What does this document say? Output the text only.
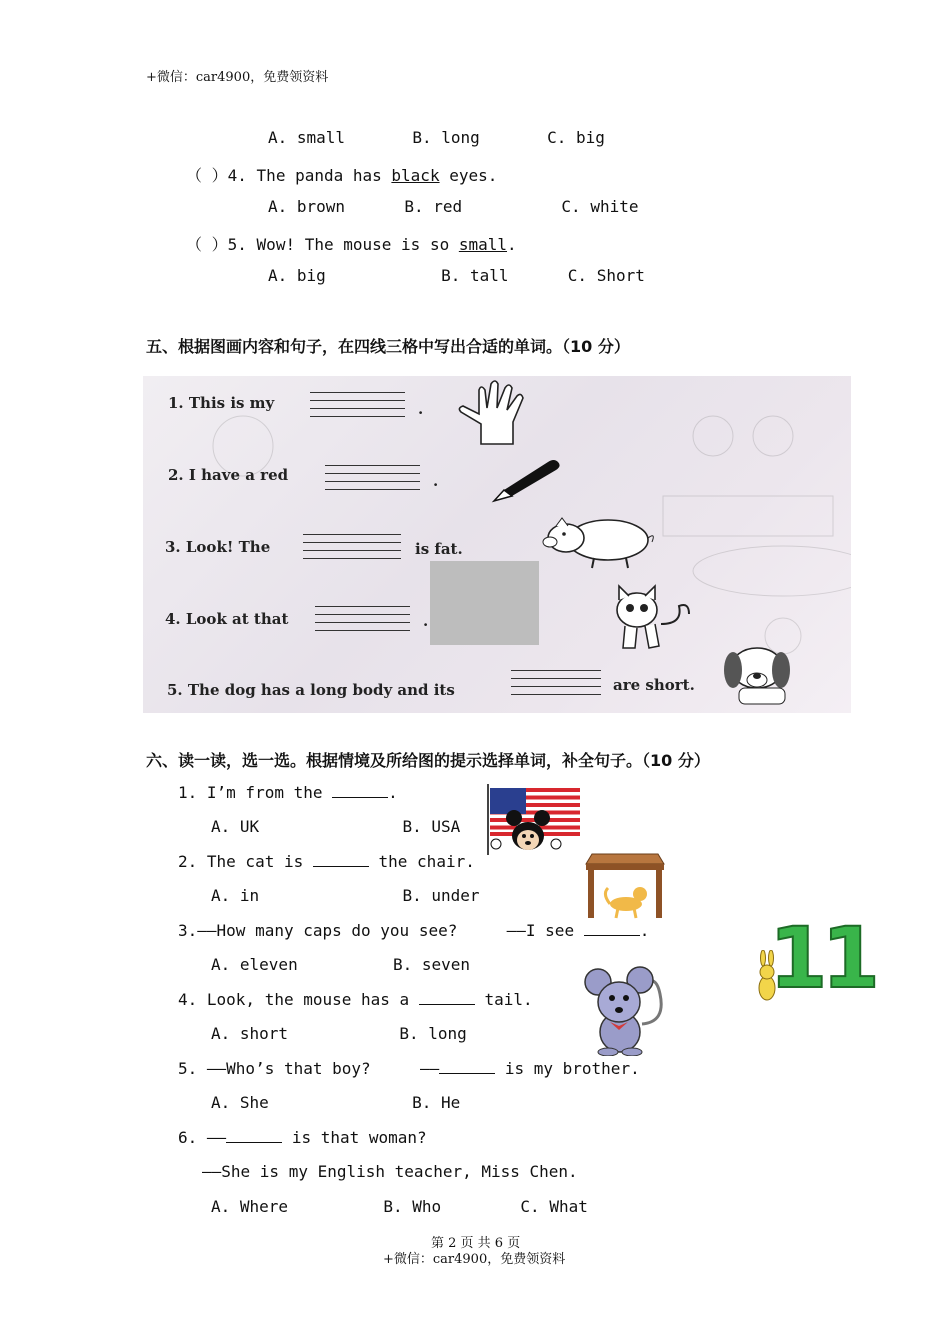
+微信：car4900，免费领资料
A. small	B. long	C. big
（ ）4. The panda has black eyes.
A. brown	B. red	C. white
（ ）5. Wow! The mouse is so small.
A. big	B. tall	C. Short
五、根据图画内容和句子，在四线三格中写出合适的单词。（10 分）
1. This is my	.
2. I have a red	.
3. Look! The	is fat.
4. Look at that	.
5. The dog has a long body and its	are short.
六、读一读，选一选。根据情境及所给图的提示选择单词，补全句子。（10 分）
1. I’m from the	.
A. UK	B. USA
2. The cat is	the chair.
A. in	B. under
3.——How many caps do you see?	——I see	.
A. eleven	B. seven
4. Look, the mouse has a	tail.
A. short	B. long
5. ——Who’s that boy?	——	is my brother.
A. She	B. He
6. ——	is that woman?
——She is my English teacher, Miss Chen.
A. Where	B. Who	C. What
11
第 2 页 共 6 页
+微信：car4900，免费领资料
